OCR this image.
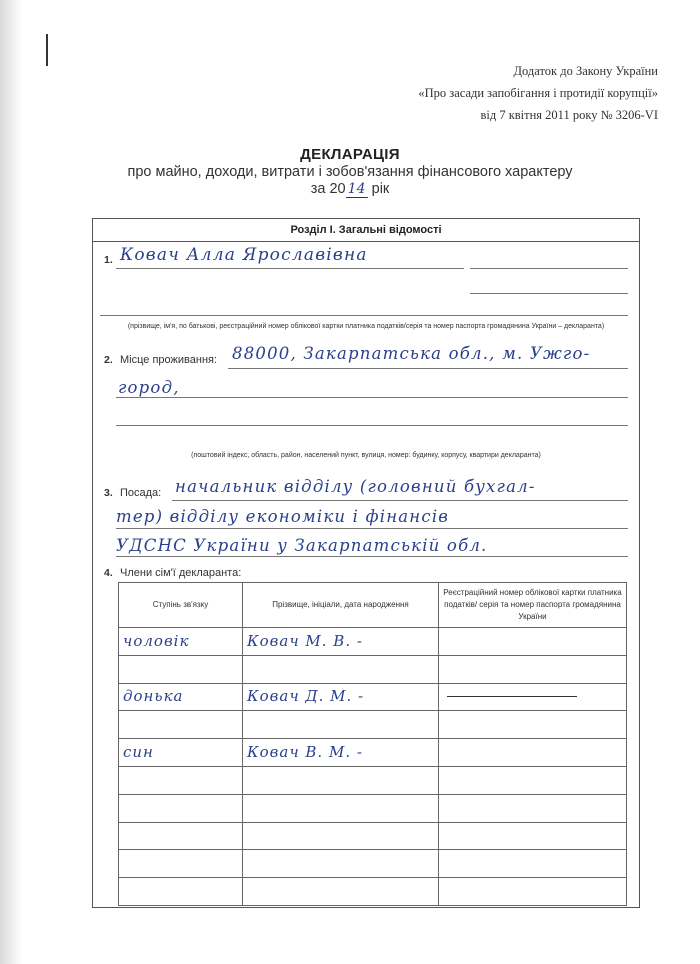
Додаток до Закону України
«Про засади запобігання і протидії корупції»
від 7 квітня 2011 року № 3206-VI
ДЕКЛАРАЦІЯ
про майно, доходи, витрати і зобов'язання фінансового характеру
за 20 14 рік
Розділ І. Загальні відомості
1. Ковач Алла Ярославівна
(прізвище, ім'я, по батькові, реєстраційний номер облікової картки платника податків/серія та номер паспорта громадянина України – декларанта)
2. Місце проживання: 88000, Закарпатська обл., м. Ужго-
город,
(поштовий індекс, область, район, населений пункт, вулиця, номер: будинку, корпусу, квартири декларанта)
3. Посада: начальник відділу (головний бухгал-
тер) відділу економіки і фінансів
УДСНС України у Закарпатській обл.
4. Члени сім'ї декларанта:
Ступінь зв'язку	Прізвище, ініціали, дата народження	Реєстраційний номер облікової картки платника податків/ серія та номер паспорта громадянина України
чоловік	Ковач М. В. -	

донька	Ковач Д. М. -	

син	Ковач В. М. -	
